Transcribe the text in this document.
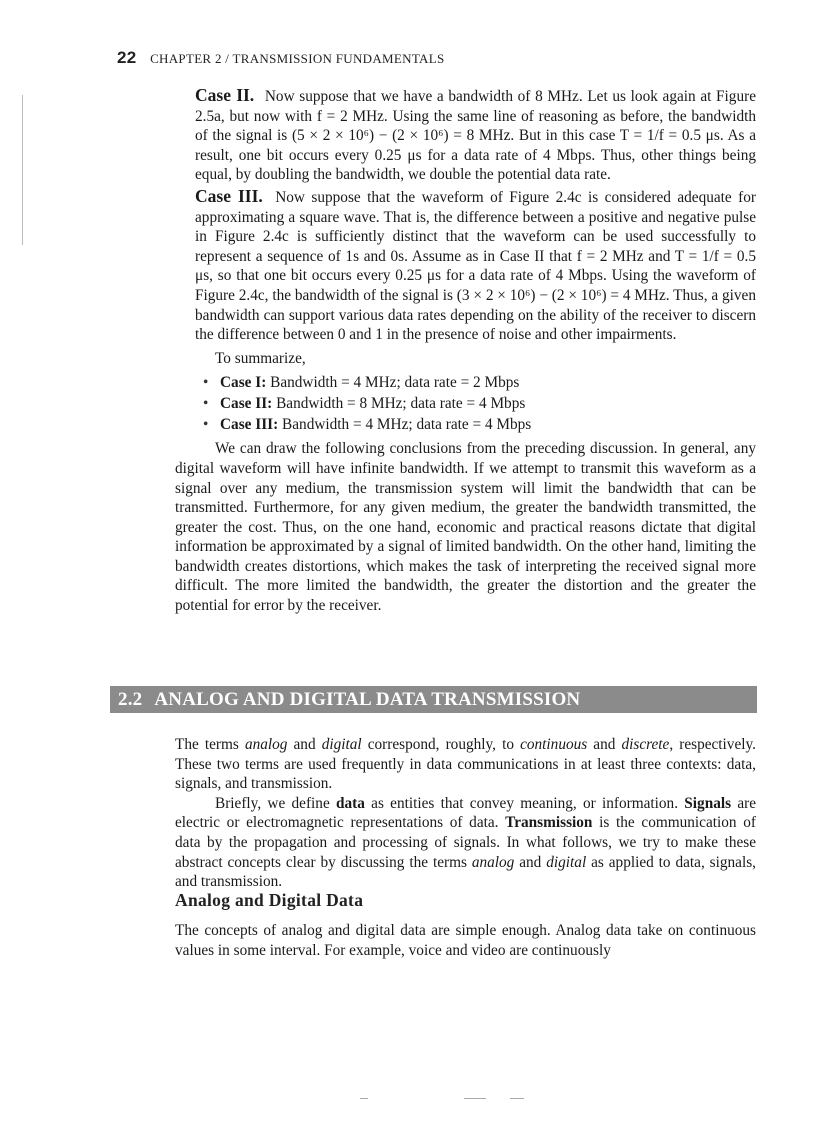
22 CHAPTER 2 / TRANSMISSION FUNDAMENTALS

Case II. Now suppose that we have a bandwidth of 8 MHz. Let us look again at Figure 2.5a, but now with f = 2 MHz. Using the same line of reasoning as before, the bandwidth of the signal is (5 × 2 × 10⁶) − (2 × 10⁶) = 8 MHz. But in this case T = 1/f = 0.5 μs. As a result, one bit occurs every 0.25 μs for a data rate of 4 Mbps. Thus, other things being equal, by doubling the bandwidth, we double the potential data rate.

Case III. Now suppose that the waveform of Figure 2.4c is considered adequate for approximating a square wave. That is, the difference between a positive and negative pulse in Figure 2.4c is sufficiently distinct that the waveform can be used successfully to represent a sequence of 1s and 0s. Assume as in Case II that f = 2 MHz and T = 1/f = 0.5 μs, so that one bit occurs every 0.25 μs for a data rate of 4 Mbps. Using the waveform of Figure 2.4c, the bandwidth of the signal is (3 × 2 × 10⁶) − (2 × 10⁶) = 4 MHz. Thus, a given bandwidth can support various data rates depending on the ability of the receiver to discern the difference between 0 and 1 in the presence of noise and other impairments.

To summarize,

• Case I: Bandwidth = 4 MHz; data rate = 2 Mbps
• Case II: Bandwidth = 8 MHz; data rate = 4 Mbps
• Case III: Bandwidth = 4 MHz; data rate = 4 Mbps

We can draw the following conclusions from the preceding discussion. In general, any digital waveform will have infinite bandwidth. If we attempt to transmit this waveform as a signal over any medium, the transmission system will limit the bandwidth that can be transmitted. Furthermore, for any given medium, the greater the bandwidth transmitted, the greater the cost. Thus, on the one hand, economic and practical reasons dictate that digital information be approximated by a signal of limited bandwidth. On the other hand, limiting the bandwidth creates distortions, which makes the task of interpreting the received signal more difficult. The more limited the bandwidth, the greater the distortion and the greater the potential for error by the receiver.

2.2 ANALOG AND DIGITAL DATA TRANSMISSION

The terms analog and digital correspond, roughly, to continuous and discrete, respectively. These two terms are used frequently in data communications in at least three contexts: data, signals, and transmission.

Briefly, we define data as entities that convey meaning, or information. Signals are electric or electromagnetic representations of data. Transmission is the communication of data by the propagation and processing of signals. In what follows, we try to make these abstract concepts clear by discussing the terms analog and digital as applied to data, signals, and transmission.

Analog and Digital Data

The concepts of analog and digital data are simple enough. Analog data take on continuous values in some interval. For example, voice and video are continuously
